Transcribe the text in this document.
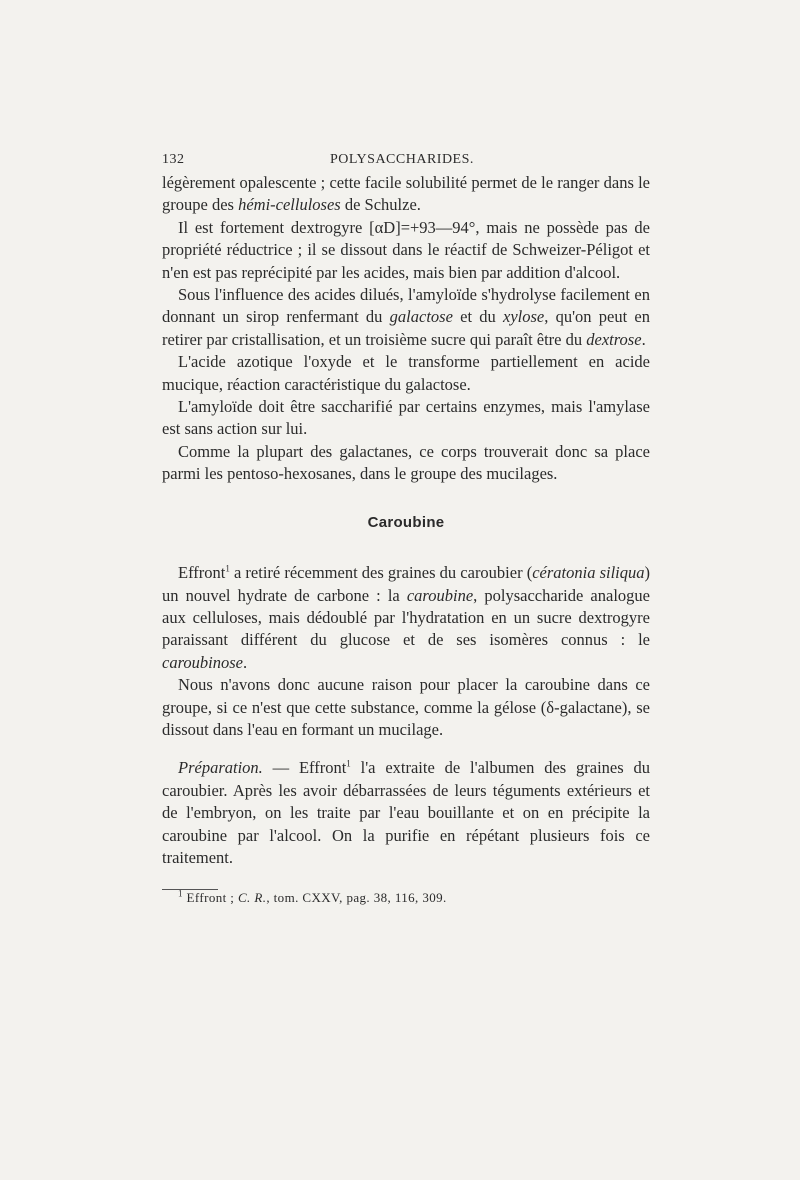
132	POLYSACCHARIDES.

légèrement opalescente ; cette facile solubilité permet de le ranger dans le groupe des hémi-celluloses de Schulze.

Il est fortement dextrogyre [αD]=+93—94°, mais ne possède pas de propriété réductrice ; il se dissout dans le réactif de Schweizer-Péligot et n'en est pas reprécipité par les acides, mais bien par addition d'alcool.

Sous l'influence des acides dilués, l'amyloïde s'hydrolyse facilement en donnant un sirop renfermant du galactose et du xylose, qu'on peut en retirer par cristallisation, et un troisième sucre qui paraît être du dextrose.

L'acide azotique l'oxyde et le transforme partiellement en acide mucique, réaction caractéristique du galactose.

L'amyloïde doit être saccharifié par certains enzymes, mais l'amylase est sans action sur lui.

Comme la plupart des galactanes, ce corps trouverait donc sa place parmi les pentoso-hexosanes, dans le groupe des mucilages.

Caroubine

Effront$^1$ a retiré récemment des graines du caroubier (cératonia siliqua) un nouvel hydrate de carbone : la caroubine, polysaccharide analogue aux celluloses, mais dédoublé par l'hydratation en un sucre dextrogyre paraissant différent du glucose et de ses isomères connus : le caroubinose.

Nous n'avons donc aucune raison pour placer la caroubine dans ce groupe, si ce n'est que cette substance, comme la gélose (δ-galactane), se dissout dans l'eau en formant un mucilage.

Préparation. — Effront$^1$ l'a extraite de l'albumen des graines du caroubier. Après les avoir débarrassées de leurs téguments extérieurs et de l'embryon, on les traite par l'eau bouillante et on en précipite la caroubine par l'alcool. On la purifie en répétant plusieurs fois ce traitement.

$^1$ Effront ; C. R., tom. CXXV, pag. 38, 116, 309.
